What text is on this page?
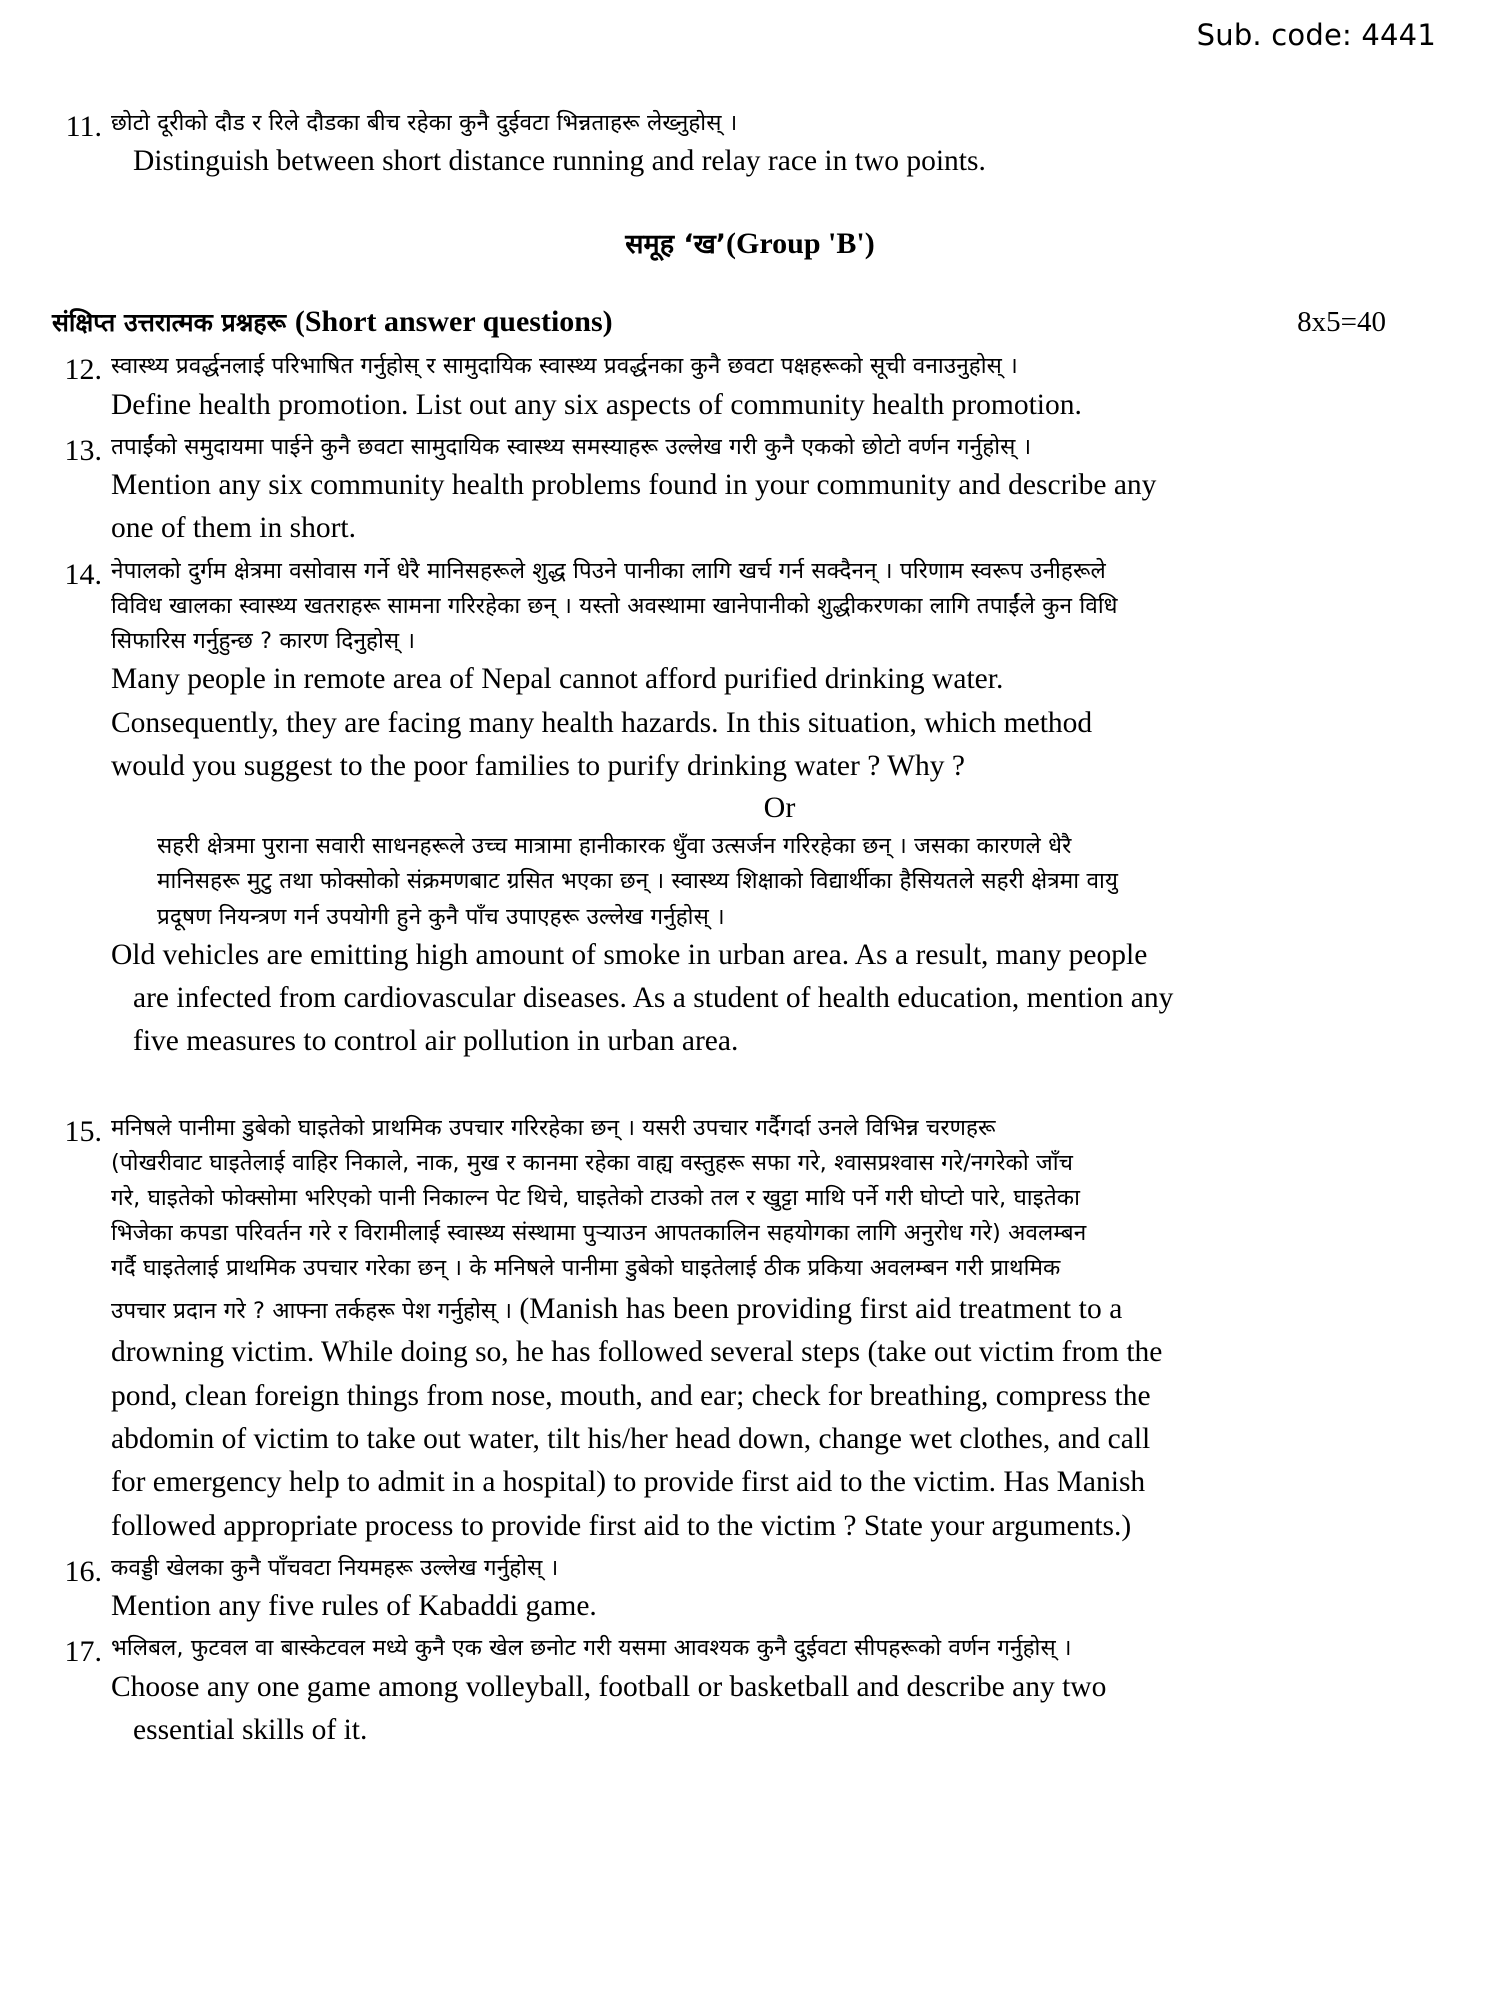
Sub. code: 4441
11. छोटो दूरीको दौड र रिले दौडका बीच रहेका कुनै दुईवटा भिन्नताहरू लेख्नुहोस् ।

Distinguish between short distance running and relay race in two points.

समूह ‘ख’(Group 'B')
संक्षिप्त उत्तरात्मक प्रश्नहरू (Short answer questions)	8x5=40
12. स्वास्थ्य प्रवर्द्धनलाई परिभाषित गर्नुहोस् र सामुदायिक स्वास्थ्य प्रवर्द्धनका कुनै छवटा पक्षहरूको सूची वनाउनुहोस् ।

Define health promotion. List out any six aspects of community health promotion.

13. तपाईंको समुदायमा पाईने कुनै छवटा सामुदायिक स्वास्थ्य समस्याहरू उल्लेख गरी कुनै एकको छोटो वर्णन गर्नुहोस् ।

Mention any six community health problems found in your community and describe any

one of them in short.

14. नेपालको दुर्गम क्षेत्रमा वसोवास गर्ने धेरै मानिसहरूले शुद्ध पिउने पानीका लागि खर्च गर्न सक्दैनन् । परिणाम स्वरूप उनीहरूले

विविध खालका स्वास्थ्य खतराहरू सामना गरिरहेका छन् । यस्तो अवस्थामा खानेपानीको शुद्धीकरणका लागि तपाईंले कुन विधि

सिफारिस गर्नुहुन्छ ? कारण दिनुहोस् ।

Many people in remote area of Nepal cannot afford purified drinking water.

Consequently, they are facing many health hazards. In this situation, which method

would you suggest to the poor families to purify drinking water ? Why ?

Or

सहरी क्षेत्रमा पुराना सवारी साधनहरूले उच्च मात्रामा हानीकारक धुँवा उत्सर्जन गरिरहेका छन् । जसका कारणले धेरै

मानिसहरू मुटु तथा फोक्सोको संक्रमणबाट ग्रसित भएका छन् । स्वास्थ्य शिक्षाको विद्यार्थीका हैसियतले सहरी क्षेत्रमा वायु

प्रदूषण नियन्त्रण गर्न उपयोगी हुने कुनै पाँच उपाएहरू उल्लेख गर्नुहोस् ।

Old vehicles are emitting high amount of smoke in urban area. As a result, many people

are infected from cardiovascular diseases. As a student of health education, mention any

five measures to control air pollution in urban area.

15. मनिषले पानीमा डुबेको घाइतेको प्राथमिक उपचार गरिरहेका छन् । यसरी उपचार गर्दैगर्दा उनले विभिन्न चरणहरू

(पोखरीवाट घाइतेलाई वाहिर निकाले, नाक, मुख र कानमा रहेका वाह्य वस्तुहरू सफा गरे, श्वासप्रश्वास गरे/नगरेको जाँच

गरे, घाइतेको फोक्सोमा भरिएको पानी निकाल्न पेट थिचे, घाइतेको टाउको तल र खुट्टा माथि पर्ने गरी घोप्टो पारे, घाइतेका

भिजेका कपडा परिवर्तन गरे र विरामीलाई स्वास्थ्य संस्थामा पुऱ्याउन आपतकालिन सहयोगका लागि अनुरोध गरे) अवलम्बन

गर्दै घाइतेलाई प्राथमिक उपचार गरेका छन् । के मनिषले पानीमा डुबेको घाइतेलाई ठीक प्रकिया अवलम्बन गरी प्राथमिक

उपचार प्रदान गरे ? आफ्ना तर्कहरू पेश गर्नुहोस् । (Manish has been providing first aid treatment to a

drowning victim. While doing so, he has followed several steps (take out victim from the

pond, clean foreign things from nose, mouth, and ear; check for breathing, compress the

abdomin of victim to take out water, tilt his/her head down, change wet clothes, and call

for emergency help to admit in a hospital) to provide first aid to the victim. Has Manish

followed appropriate process to provide first aid to the victim ? State your arguments.)

16. कवड्डी खेलका कुनै पाँचवटा नियमहरू उल्लेख गर्नुहोस् ।

Mention any five rules of Kabaddi game.

17. भलिबल, फुटवल वा बास्केटवल मध्ये कुनै एक खेल छनोट गरी यसमा आवश्यक कुनै दुईवटा सीपहरूको वर्णन गर्नुहोस् ।

Choose any one game among volleyball, football or basketball and describe any two

essential skills of it.
